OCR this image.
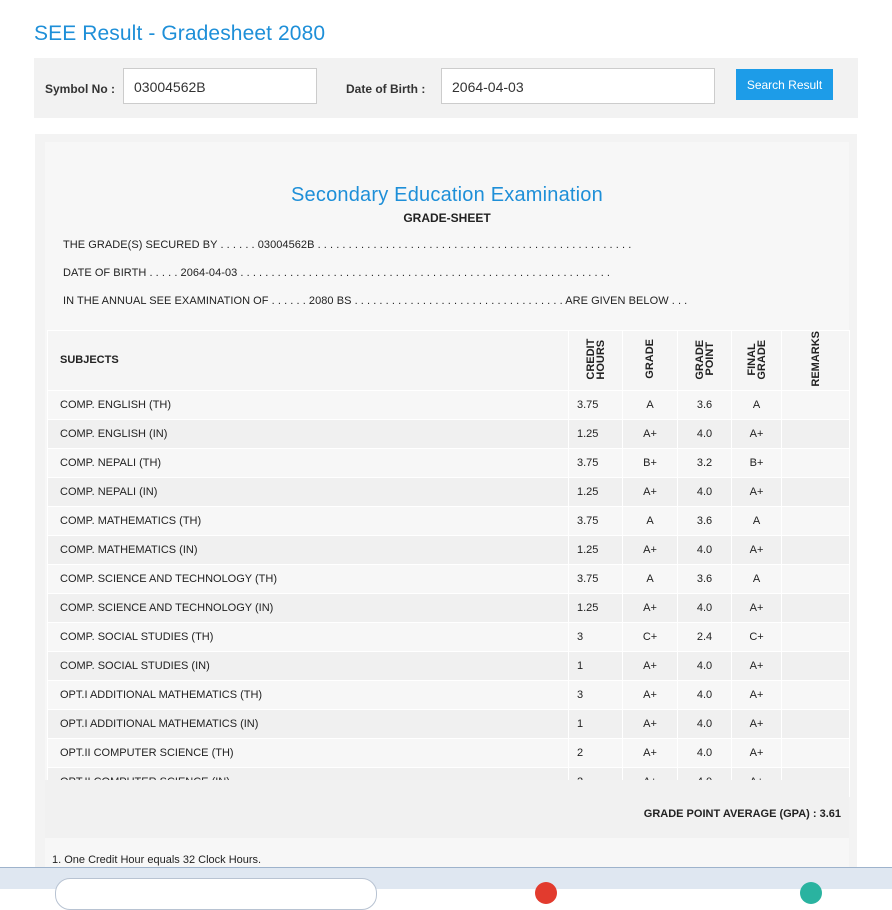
SEE Result - Gradesheet 2080
Symbol No :	03004562B	Date of Birth :	2064-04-03	Search Result
Secondary Education Examination
GRADE-SHEET
THE GRADE(S) SECURED BY . . . . . . 03004562B . . . . . . . . . . . . . . . . . . . . . . . . . . . . . . . . . . . . . . . . . . . . . . . . . . .
DATE OF BIRTH . . . . . 2064-04-03 . . . . . . . . . . . . . . . . . . . . . . . . . . . . . . . . . . . . . . . . . . . . . . . . . . . . . . . . . . . .
IN THE ANNUAL SEE EXAMINATION OF . . . . . . 2080 BS . . . . . . . . . . . . . . . . . . . . . . . . . . . . . . . . . . ARE GIVEN BELOW . . .
SUBJECTS	CREDIT HOURS	GRADE	GRADE POINT	FINAL GRADE	REMARKS
COMP. ENGLISH (TH)	3.75	A	3.6	A	
COMP. ENGLISH (IN)	1.25	A+	4.0	A+	
COMP. NEPALI (TH)	3.75	B+	3.2	B+	
COMP. NEPALI (IN)	1.25	A+	4.0	A+	
COMP. MATHEMATICS (TH)	3.75	A	3.6	A	
COMP. MATHEMATICS (IN)	1.25	A+	4.0	A+	
COMP. SCIENCE AND TECHNOLOGY (TH)	3.75	A	3.6	A	
COMP. SCIENCE AND TECHNOLOGY (IN)	1.25	A+	4.0	A+	
COMP. SOCIAL STUDIES (TH)	3	C+	2.4	C+	
COMP. SOCIAL STUDIES (IN)	1	A+	4.0	A+	
OPT.I ADDITIONAL MATHEMATICS (TH)	3	A+	4.0	A+	
OPT.I ADDITIONAL MATHEMATICS (IN)	1	A+	4.0	A+	
OPT.II COMPUTER SCIENCE (TH)	2	A+	4.0	A+	

GRADE POINT AVERAGE (GPA) : 3.61
1. One Credit Hour equals 32 Clock Hours.
